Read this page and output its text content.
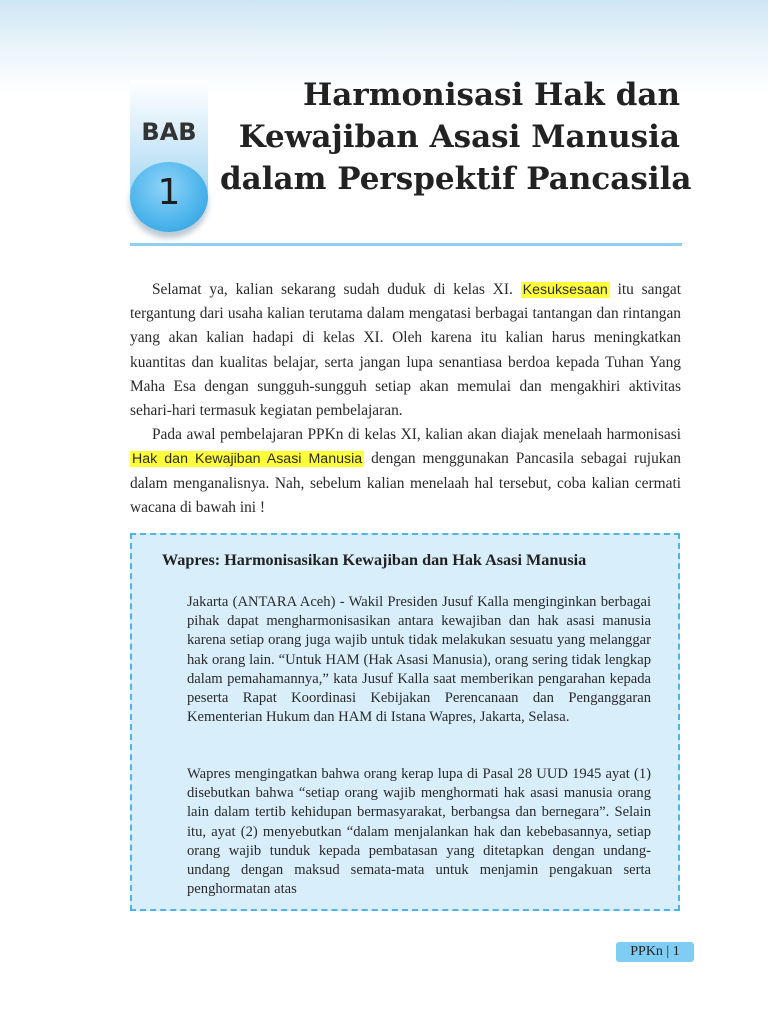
BAB
1
Harmonisasi Hak dan
Kewajiban Asasi Manusia
dalam Perspektif Pancasila

Selamat ya, kalian sekarang sudah duduk di kelas XI. Kesuksesaan itu sangat tergantung dari usaha kalian terutama dalam mengatasi berbagai tantangan dan rintangan yang akan kalian hadapi di kelas XI. Oleh karena itu kalian harus meningkatkan kuantitas dan kualitas belajar, serta jangan lupa senantiasa berdoa kepada Tuhan Yang Maha Esa dengan sungguh-sungguh setiap akan memulai dan mengakhiri aktivitas sehari-hari termasuk kegiatan pembelajaran.

Pada awal pembelajaran PPKn di kelas XI, kalian akan diajak menelaah harmonisasi Hak dan Kewajiban Asasi Manusia dengan menggunakan Pancasila sebagai rujukan dalam menganalisnya. Nah, sebelum kalian menelaah hal tersebut, coba kalian cermati wacana di bawah ini !

Wapres: Harmonisasikan Kewajiban dan Hak Asasi Manusia

Jakarta (ANTARA Aceh) - Wakil Presiden Jusuf Kalla menginginkan berbagai pihak dapat mengharmonisasikan antara kewajiban dan hak asasi manusia karena setiap orang juga wajib untuk tidak melakukan sesuatu yang melanggar hak orang lain. “Untuk HAM (Hak Asasi Manusia), orang sering tidak lengkap dalam pemahamannya,” kata Jusuf Kalla saat memberikan pengarahan kepada peserta Rapat Koordinasi Kebijakan Perencanaan dan Penganggaran Kementerian Hukum dan HAM di Istana Wapres, Jakarta, Selasa.

Wapres mengingatkan bahwa orang kerap lupa di Pasal 28 UUD 1945 ayat (1) disebutkan bahwa “setiap orang wajib menghormati hak asasi manusia orang lain dalam tertib kehidupan bermasyarakat, berbangsa dan bernegara”. Selain itu, ayat (2) menyebutkan “dalam menjalankan hak dan kebebasannya, setiap orang wajib tunduk kepada pembatasan yang ditetapkan dengan undang-undang dengan maksud semata-mata untuk menjamin pengakuan serta penghormatan atas

PPKn | 1
